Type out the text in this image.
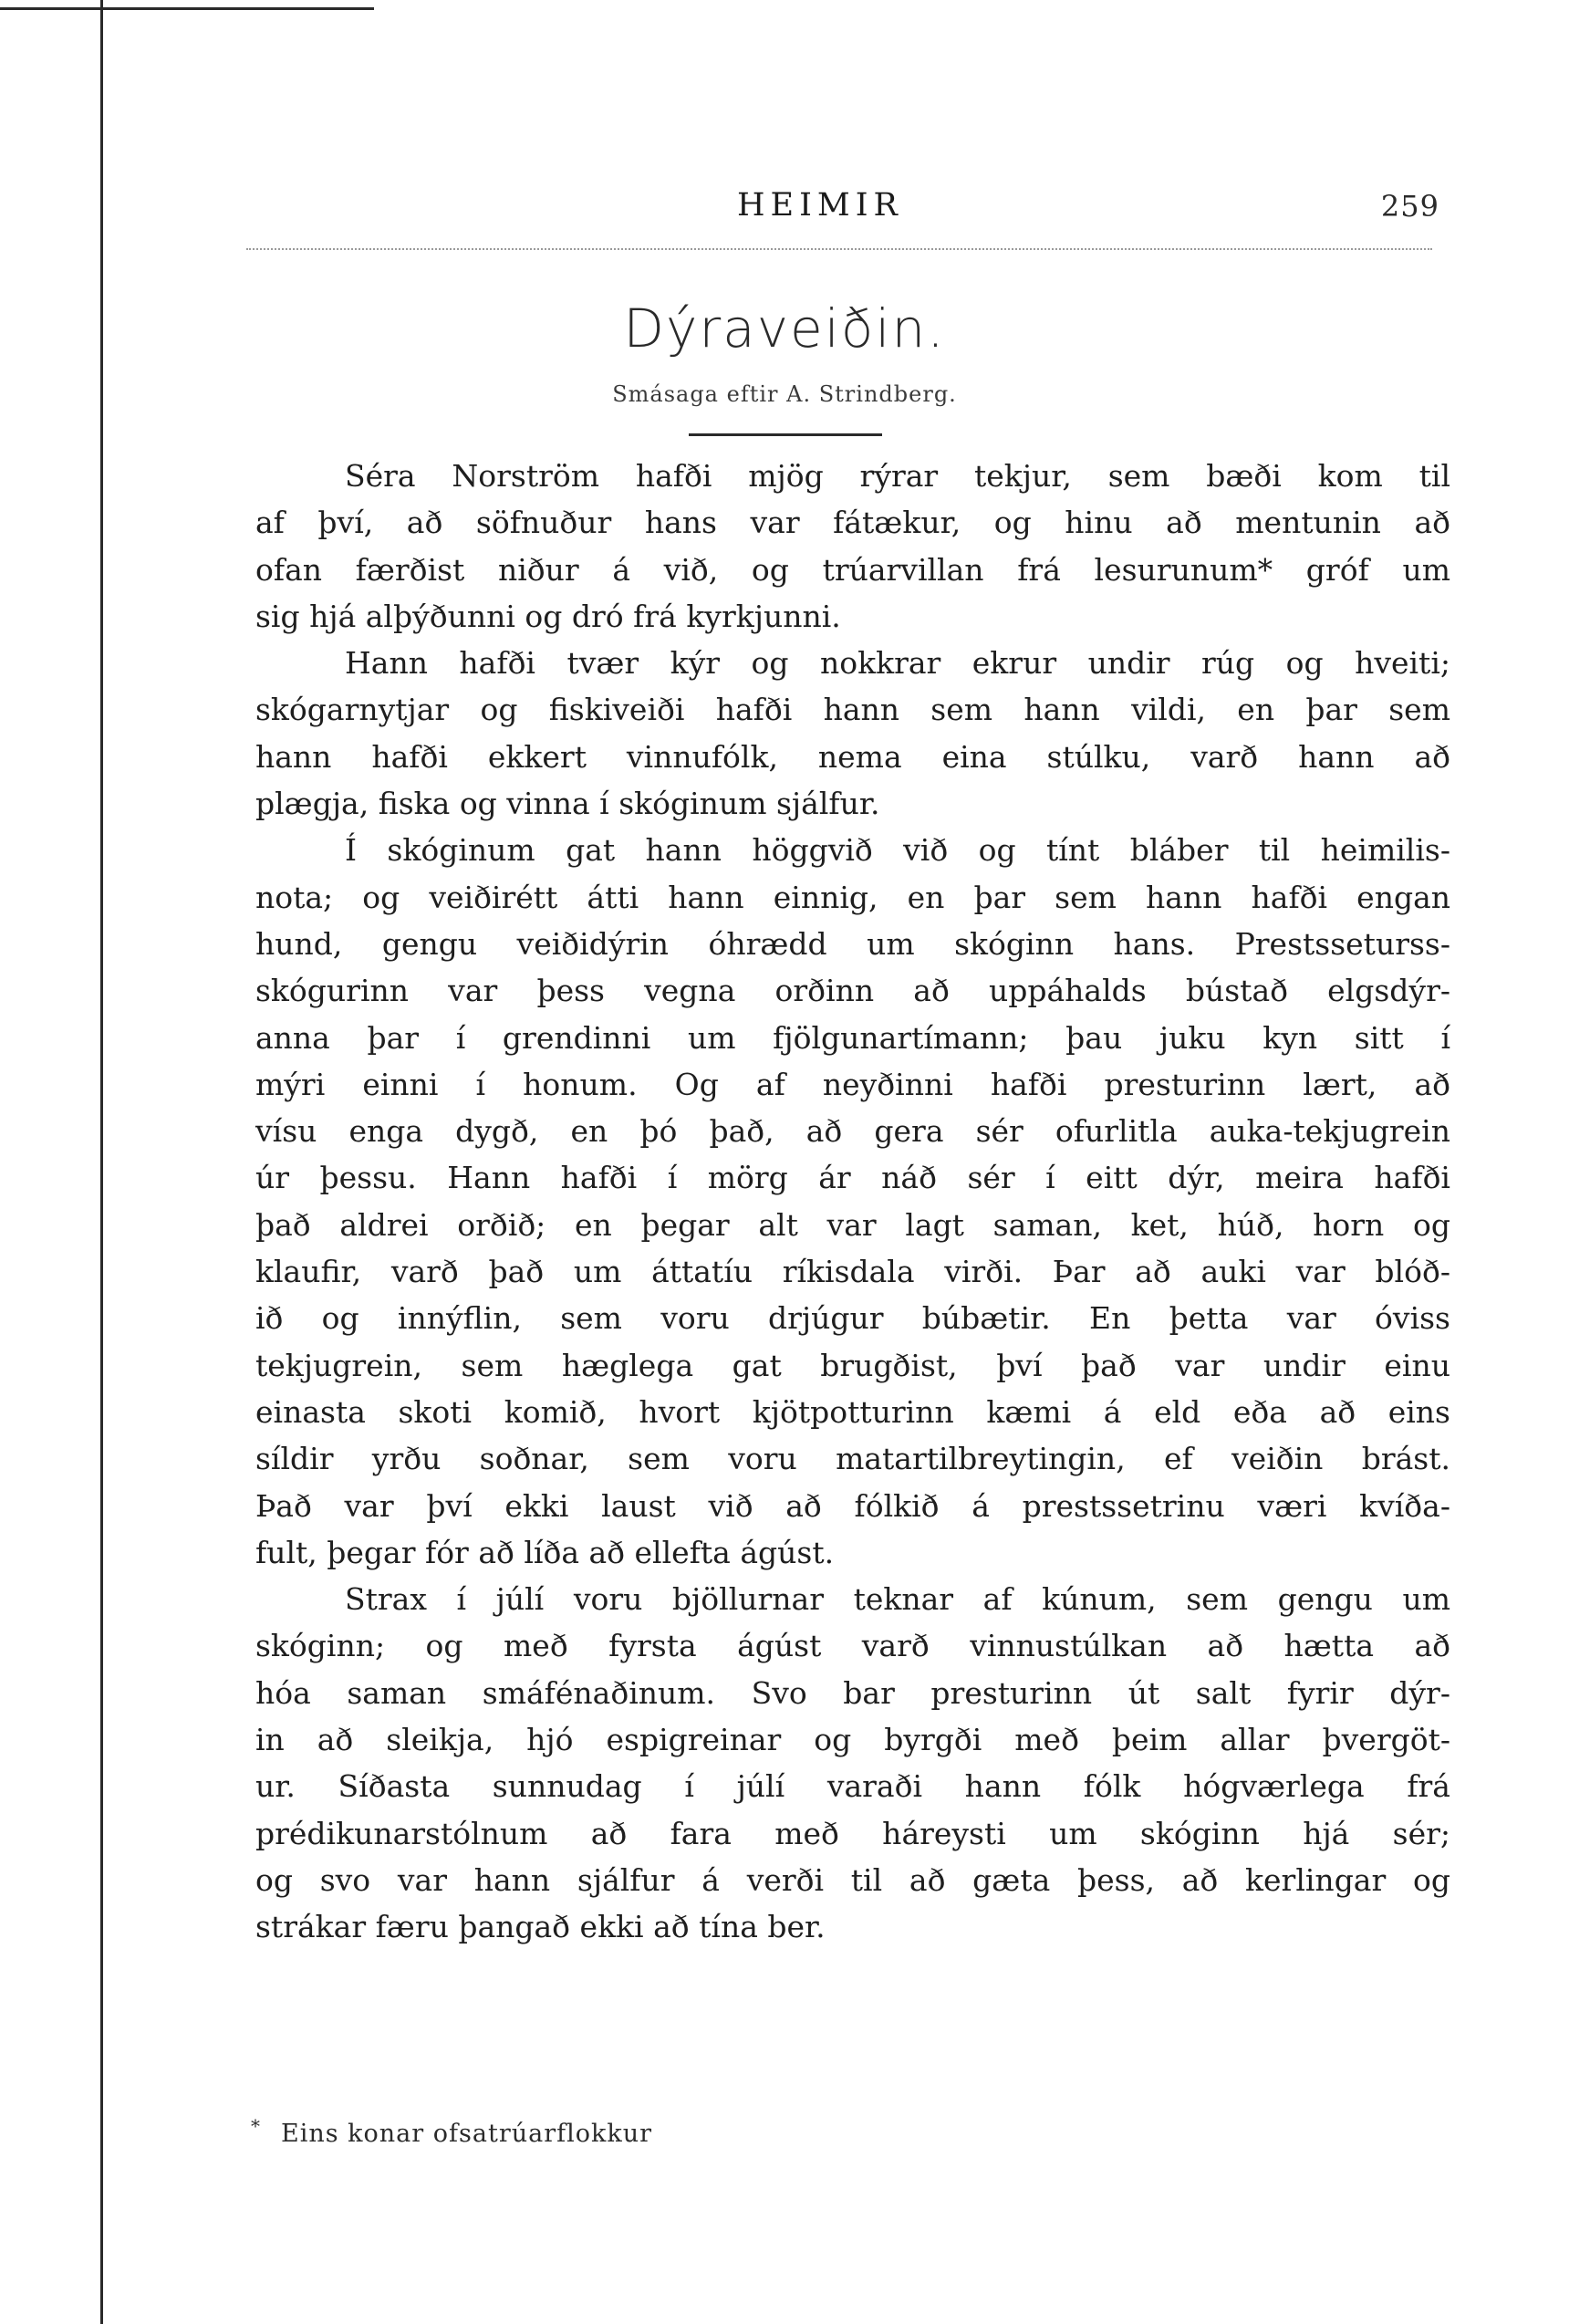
HEIMIR	259
Dýraveiðin.
Smásaga eftir A. Strindberg.
Séra Norström hafði mjög rýrar tekjur, sem bæði kom til
af því, að söfnuður hans var fátækur, og hinu að mentunin að
ofan færðist niður á við, og trúarvillan frá lesurunum* gróf um
sig hjá alþýðunni og dró frá kyrkjunni.
Hann hafði tvær kýr og nokkrar ekrur undir rúg og hveiti;
skógarnytjar og fiskiveiði hafði hann sem hann vildi, en þar sem
hann hafði ekkert vinnufólk, nema eina stúlku, varð hann að
plægja, fiska og vinna í skóginum sjálfur.
Í skóginum gat hann höggvið við og tínt bláber til heimilis-
nota; og veiðirétt átti hann einnig, en þar sem hann hafði engan
hund, gengu veiðidýrin óhrædd um skóginn hans. Prestsseturss-
skógurinn var þess vegna orðinn að uppáhalds bústað elgsdýr-
anna þar í grendinni um fjölgunartímann; þau juku kyn sitt í
mýri einni í honum. Og af neyðinni hafði presturinn lært, að
vísu enga dygð, en þó það, að gera sér ofurlitla auka-tekjugrein
úr þessu. Hann hafði í mörg ár náð sér í eitt dýr, meira hafði
það aldrei orðið; en þegar alt var lagt saman, ket, húð, horn og
klaufir, varð það um áttatíu ríkisdala virði. Þar að auki var blóð-
ið og innýflin, sem voru drjúgur búbætir. En þetta var óviss
tekjugrein, sem hæglega gat brugðist, því það var undir einu
einasta skoti komið, hvort kjötpotturinn kæmi á eld eða að eins
síldir yrðu soðnar, sem voru matartilbreytingin, ef veiðin brást.
Það var því ekki laust við að fólkið á prestssetrinu væri kvíða-
fult, þegar fór að líða að ellefta ágúst.
Strax í júlí voru bjöllurnar teknar af kúnum, sem gengu um
skóginn; og með fyrsta ágúst varð vinnustúlkan að hætta að
hóa saman smáfénaðinum. Svo bar presturinn út salt fyrir dýr-
in að sleikja, hjó espigreinar og byrgði með þeim allar þvergöt-
ur. Síðasta sunnudag í júlí varaði hann fólk hógværlega frá
prédikunarstólnum að fara með háreysti um skóginn hjá sér;
og svo var hann sjálfur á verði til að gæta þess, að kerlingar og
strákar færu þangað ekki að tína ber.
* Eins konar ofsatrúarflokkur
